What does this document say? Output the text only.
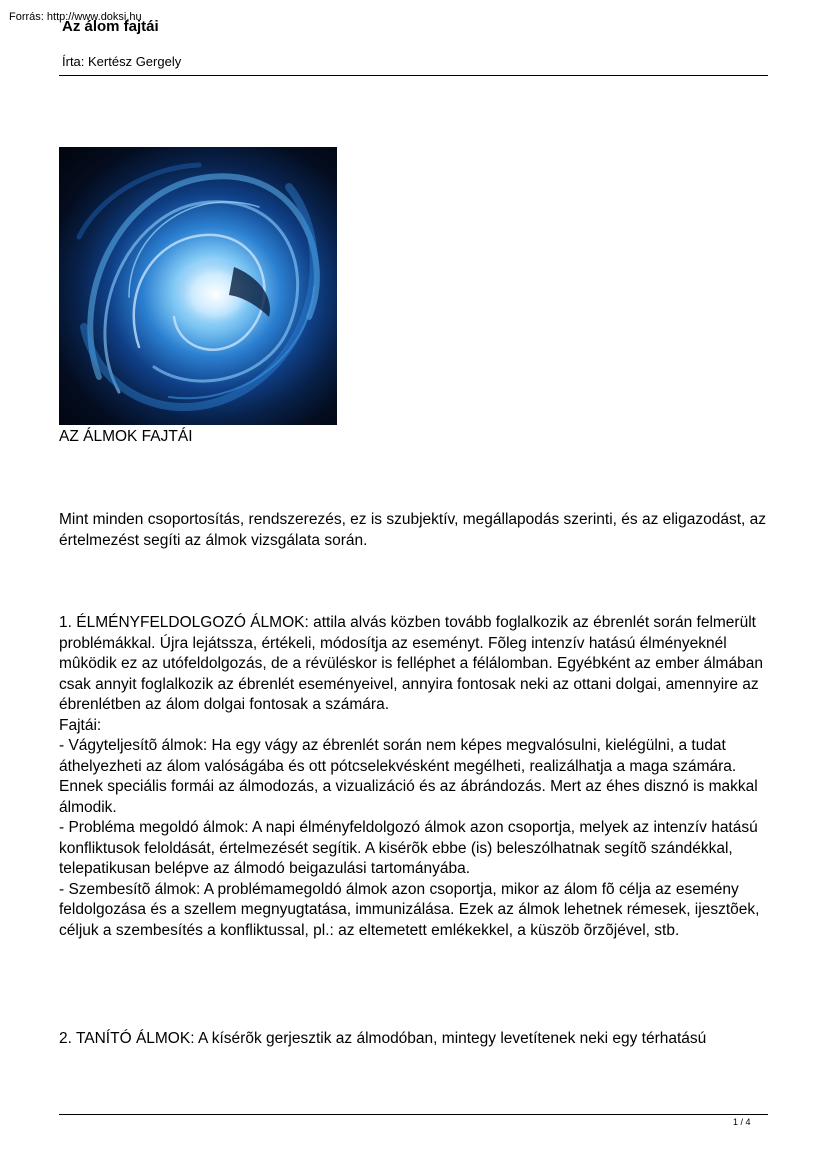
Forrás: http://www.doksi.hu
Az álom fajtái
Írta: Kertész Gergely
AZ ÁLMOK FAJTÁI

Mint minden csoportosítás, rendszerezés, ez is szubjektív, megállapodás szerinti, és az eligazodást, az értelmezést segíti az álmok vizsgálata során.

1. ÉLMÉNYFELDOLGOZÓ ÁLMOK: attila alvás közben tovább foglalkozik az ébrenlét során felmerült problémákkal. Újra lejátssza, értékeli, módosítja az eseményt. Fõleg intenzív hatású élményeknél mûködik ez az utófeldolgozás, de a révüléskor is felléphet a félálomban. Egyébként az ember álmában csak annyit foglalkozik az ébrenlét eseményeivel, annyira fontosak neki az ottani dolgai, amennyire az ébrenlétben az álom dolgai fontosak a számára.

Fajtái:

- Vágyteljesítõ álmok: Ha egy vágy az ébrenlét során nem képes megvalósulni, kielégülni, a tudat áthelyezheti az álom valóságába és ott pótcselekvésként megélheti, realizálhatja a maga számára. Ennek speciális formái az álmodozás, a vizualizáció és az ábrándozás. Mert az éhes disznó is makkal álmodik.

- Probléma megoldó álmok: A napi élményfeldolgozó álmok azon csoportja, melyek az intenzív hatású konfliktusok feloldását, értelmezését segítik. A kisérõk ebbe (is) beleszólhatnak segítõ szándékkal, telepatikusan belépve az álmodó beigazulási tartományába.

- Szembesítõ álmok: A problémamegoldó álmok azon csoportja, mikor az álom fõ célja az esemény feldolgozása és a szellem megnyugtatása, immunizálása. Ezek az álmok lehetnek rémesek, ijesztõek, céljuk a szembesítés a konfliktussal, pl.: az eltemetett emlékekkel, a küszöb õrzõjével, stb.

2. TANÍTÓ ÁLMOK: A kísérõk gerjesztik az álmodóban, mintegy levetítenek neki egy térhatású

1 / 4
